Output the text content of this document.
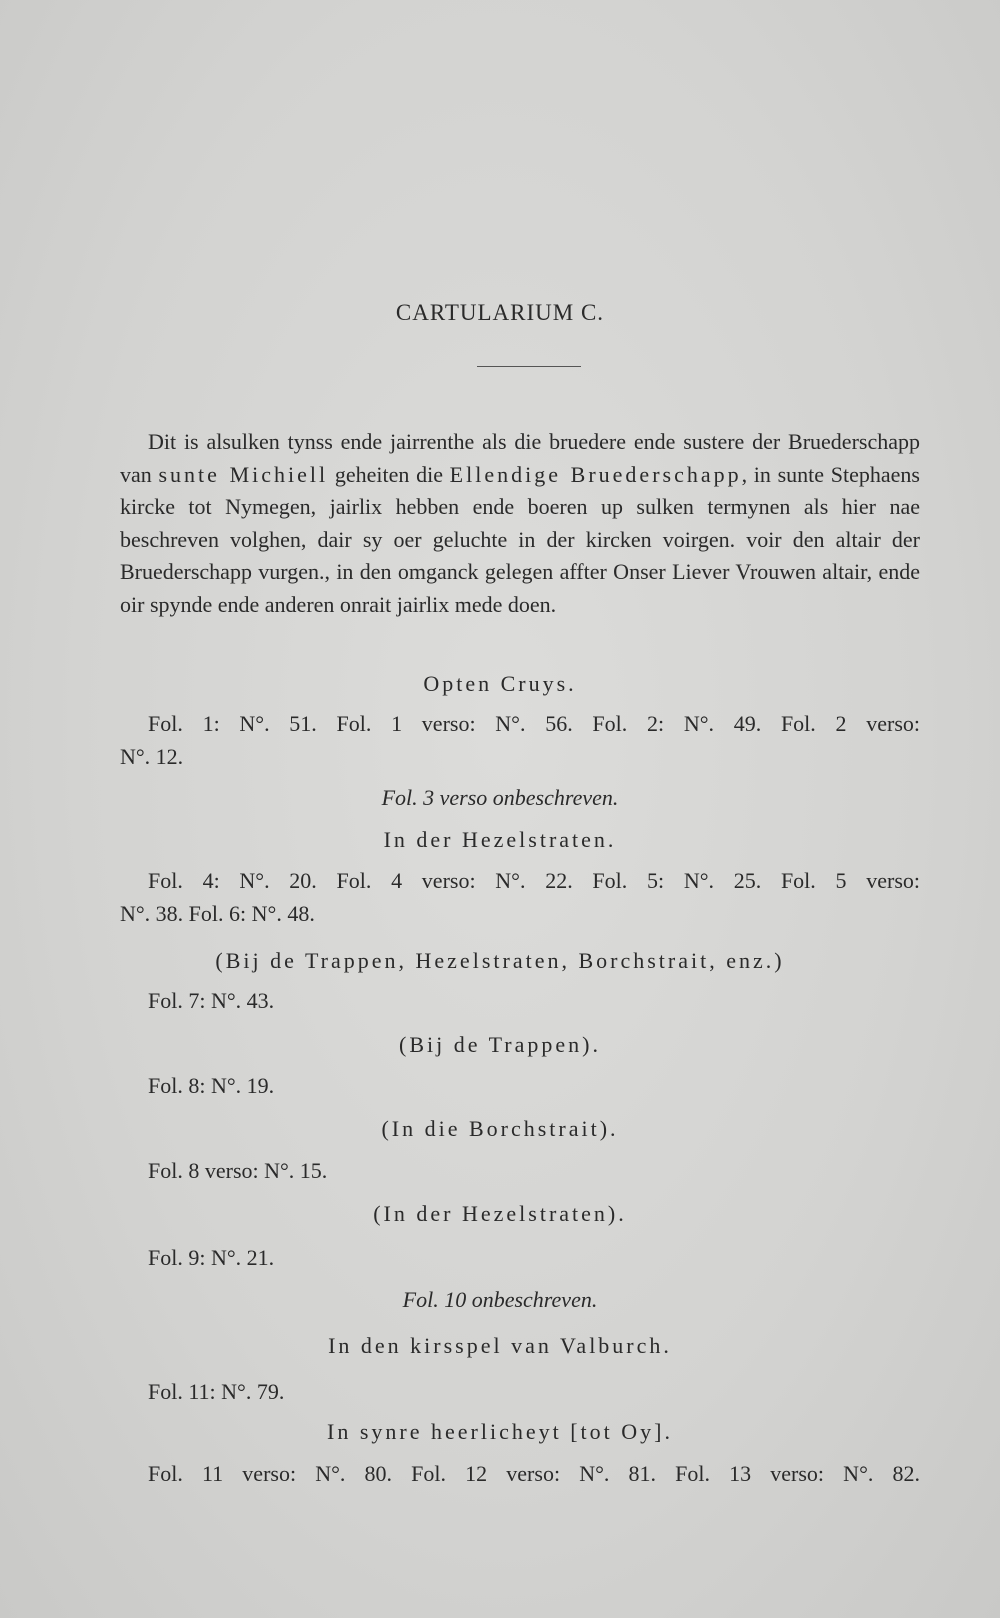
CARTULARIUM C.

Dit is alsulken tynss ende jairrenthe als die bruedere ende sustere der Bruederschapp van sunte Michiell geheiten die Ellendige Bruederschapp, in sunte Stephaens kircke tot Nymegen, jairlix hebben ende boeren up sulken termynen als hier nae beschreven volghen, dair sy oer geluchte in der kircken voirgen. voir den altair der Bruederschapp vurgen., in den omganck gelegen affter Onser Liever Vrouwen altair, ende oir spynde ende anderen onrait jairlix mede doen.

Opten Cruys.
Fol. 1: N°. 51. Fol. 1 verso: N°. 56. Fol. 2: N°. 49. Fol. 2 verso:
N°. 12.
Fol. 3 verso onbeschreven.
In der Hezelstraten.
Fol. 4: N°. 20. Fol. 4 verso: N°. 22. Fol. 5: N°. 25. Fol. 5 verso:
N°. 38. Fol. 6: N°. 48.
(Bij de Trappen, Hezelstraten, Borchstrait, enz.)
Fol. 7: N°. 43.
(Bij de Trappen).
Fol. 8: N°. 19.
(In die Borchstrait).
Fol. 8 verso: N°. 15.
(In der Hezelstraten).
Fol. 9: N°. 21.
Fol. 10 onbeschreven.
In den kirsspel van Valburch.
Fol. 11: N°. 79.
In synre heerlicheyt [tot Oy].
Fol. 11 verso: N°. 80. Fol. 12 verso: N°. 81. Fol. 13 verso: N°. 82.
